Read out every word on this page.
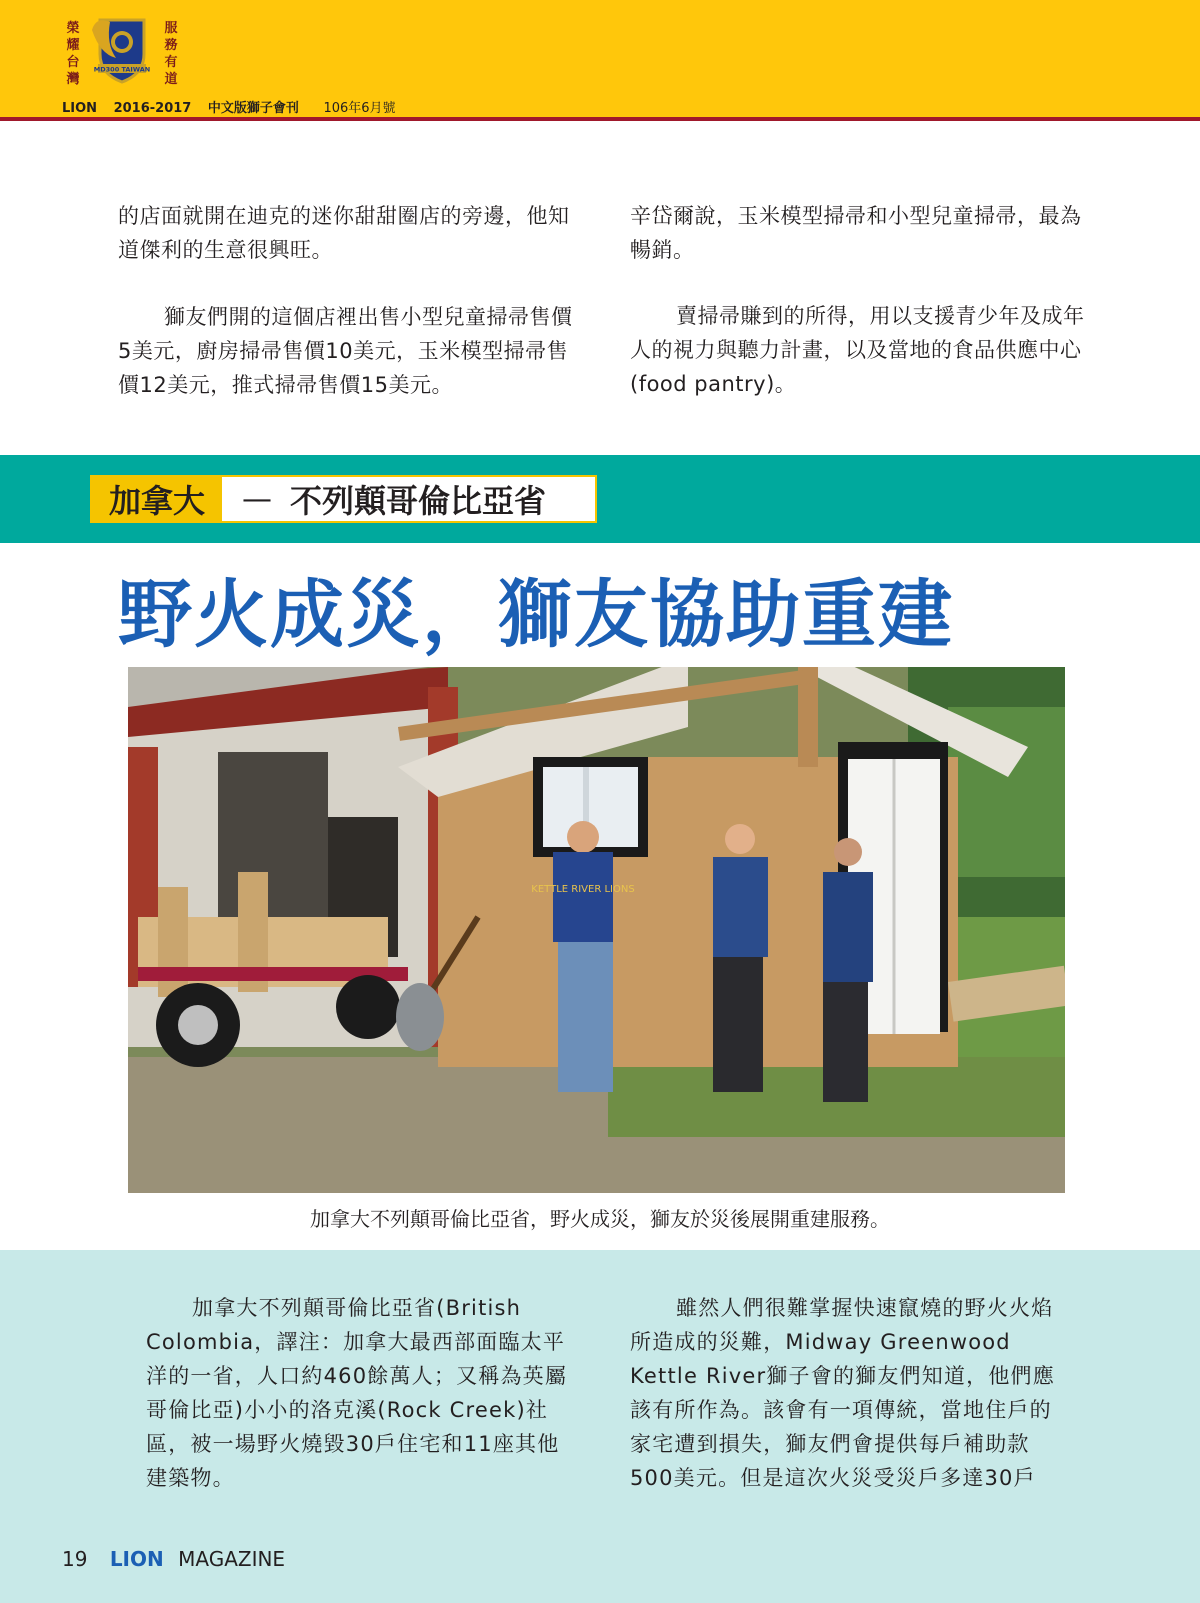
榮耀台灣
MD300 TAIWAN
服務有道
LION 2016-2017 中文版獅子會刊 106年6月號

的店面就開在迪克的迷你甜甜圈店的旁邊，他知道傑利的生意很興旺。

獅友們開的這個店裡出售小型兒童掃帚售價5美元，廚房掃帚售價10美元，玉米模型掃帚售價12美元，推式掃帚售價15美元。

辛岱爾說，玉米模型掃帚和小型兒童掃帚，最為暢銷。

賣掃帚賺到的所得，用以支援青少年及成年人的視力與聽力計畫，以及當地的食品供應中心(food pantry)。

加拿大	— 不列顛哥倫比亞省
野火成災，獅友協助重建
KETTLE RIVER LIONS

加拿大不列顛哥倫比亞省，野火成災，獅友於災後展開重建服務。

加拿大不列顛哥倫比亞省(British Colombia，譯注：加拿大最西部面臨太平洋的一省，人口約460餘萬人；又稱為英屬哥倫比亞)小小的洛克溪(Rock Creek)社區，被一場野火燒毀30戶住宅和11座其他建築物。

雖然人們很難掌握快速竄燒的野火火焰所造成的災難，Midway Greenwood Kettle River獅子會的獅友們知道，他們應該有所作為。該會有一項傳統，當地住戶的家宅遭到損失，獅友們會提供每戶補助款500美元。但是這次火災受災戶多達30戶

19 LION MAGAZINE
